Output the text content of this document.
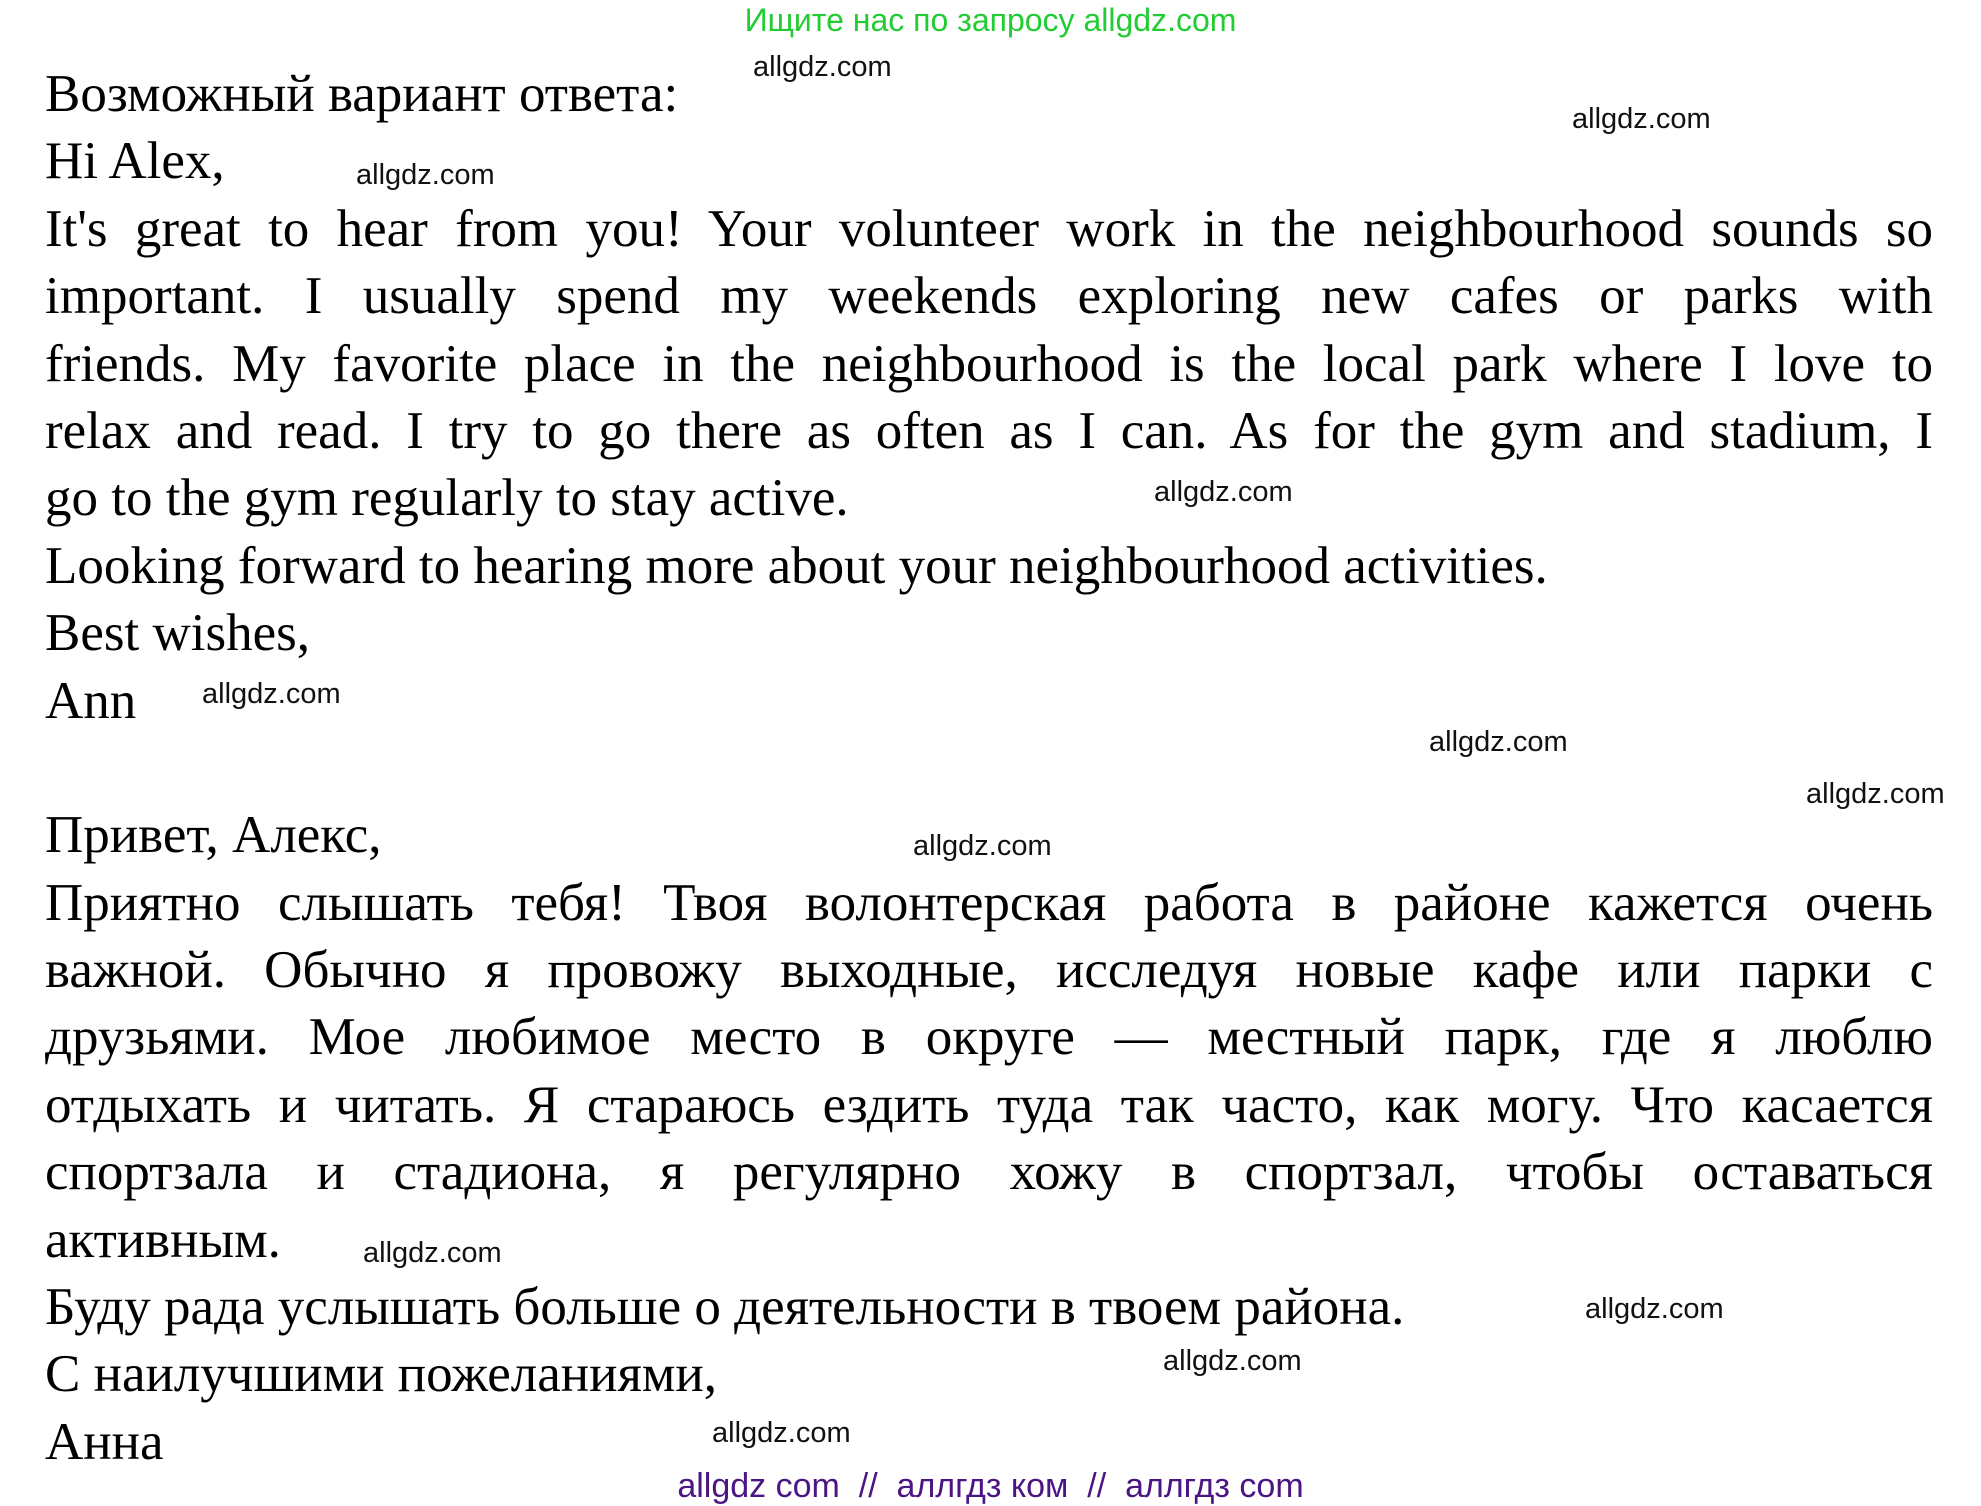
Ищите нас по запросу allgdz.com
Возможный вариант ответа:
Hi Alex,
It's great to hear from you! Your volunteer work in the neighbourhood sounds so
important. I usually spend my weekends exploring new cafes or parks with
friends. My favorite place in the neighbourhood is the local park where I love to
relax and read. I try to go there as often as I can. As for the gym and stadium, I
go to the gym regularly to stay active.
Looking forward to hearing more about your neighbourhood activities.
Best wishes,
Ann
Привет, Алекс,
Приятно слышать тебя! Твоя волонтерская работа в районе кажется очень
важной. Обычно я провожу выходные, исследуя новые кафе или парки с
друзьями. Мое любимое место в округе — местный парк, где я люблю
отдыхать и читать. Я стараюсь ездить туда так часто, как могу. Что касается
спортзала и стадиона, я регулярно хожу в спортзал, чтобы оставаться
активным.
Буду рада услышать больше о деятельности в твоем района.
С наилучшими пожеланиями,
Анна
allgdz.com
allgdz.com
allgdz.com
allgdz.com
allgdz.com
allgdz.com
allgdz.com
allgdz.com
allgdz.com
allgdz.com
allgdz.com
allgdz.com
allgdz com  //  аллгдз ком  //  аллгдз com
